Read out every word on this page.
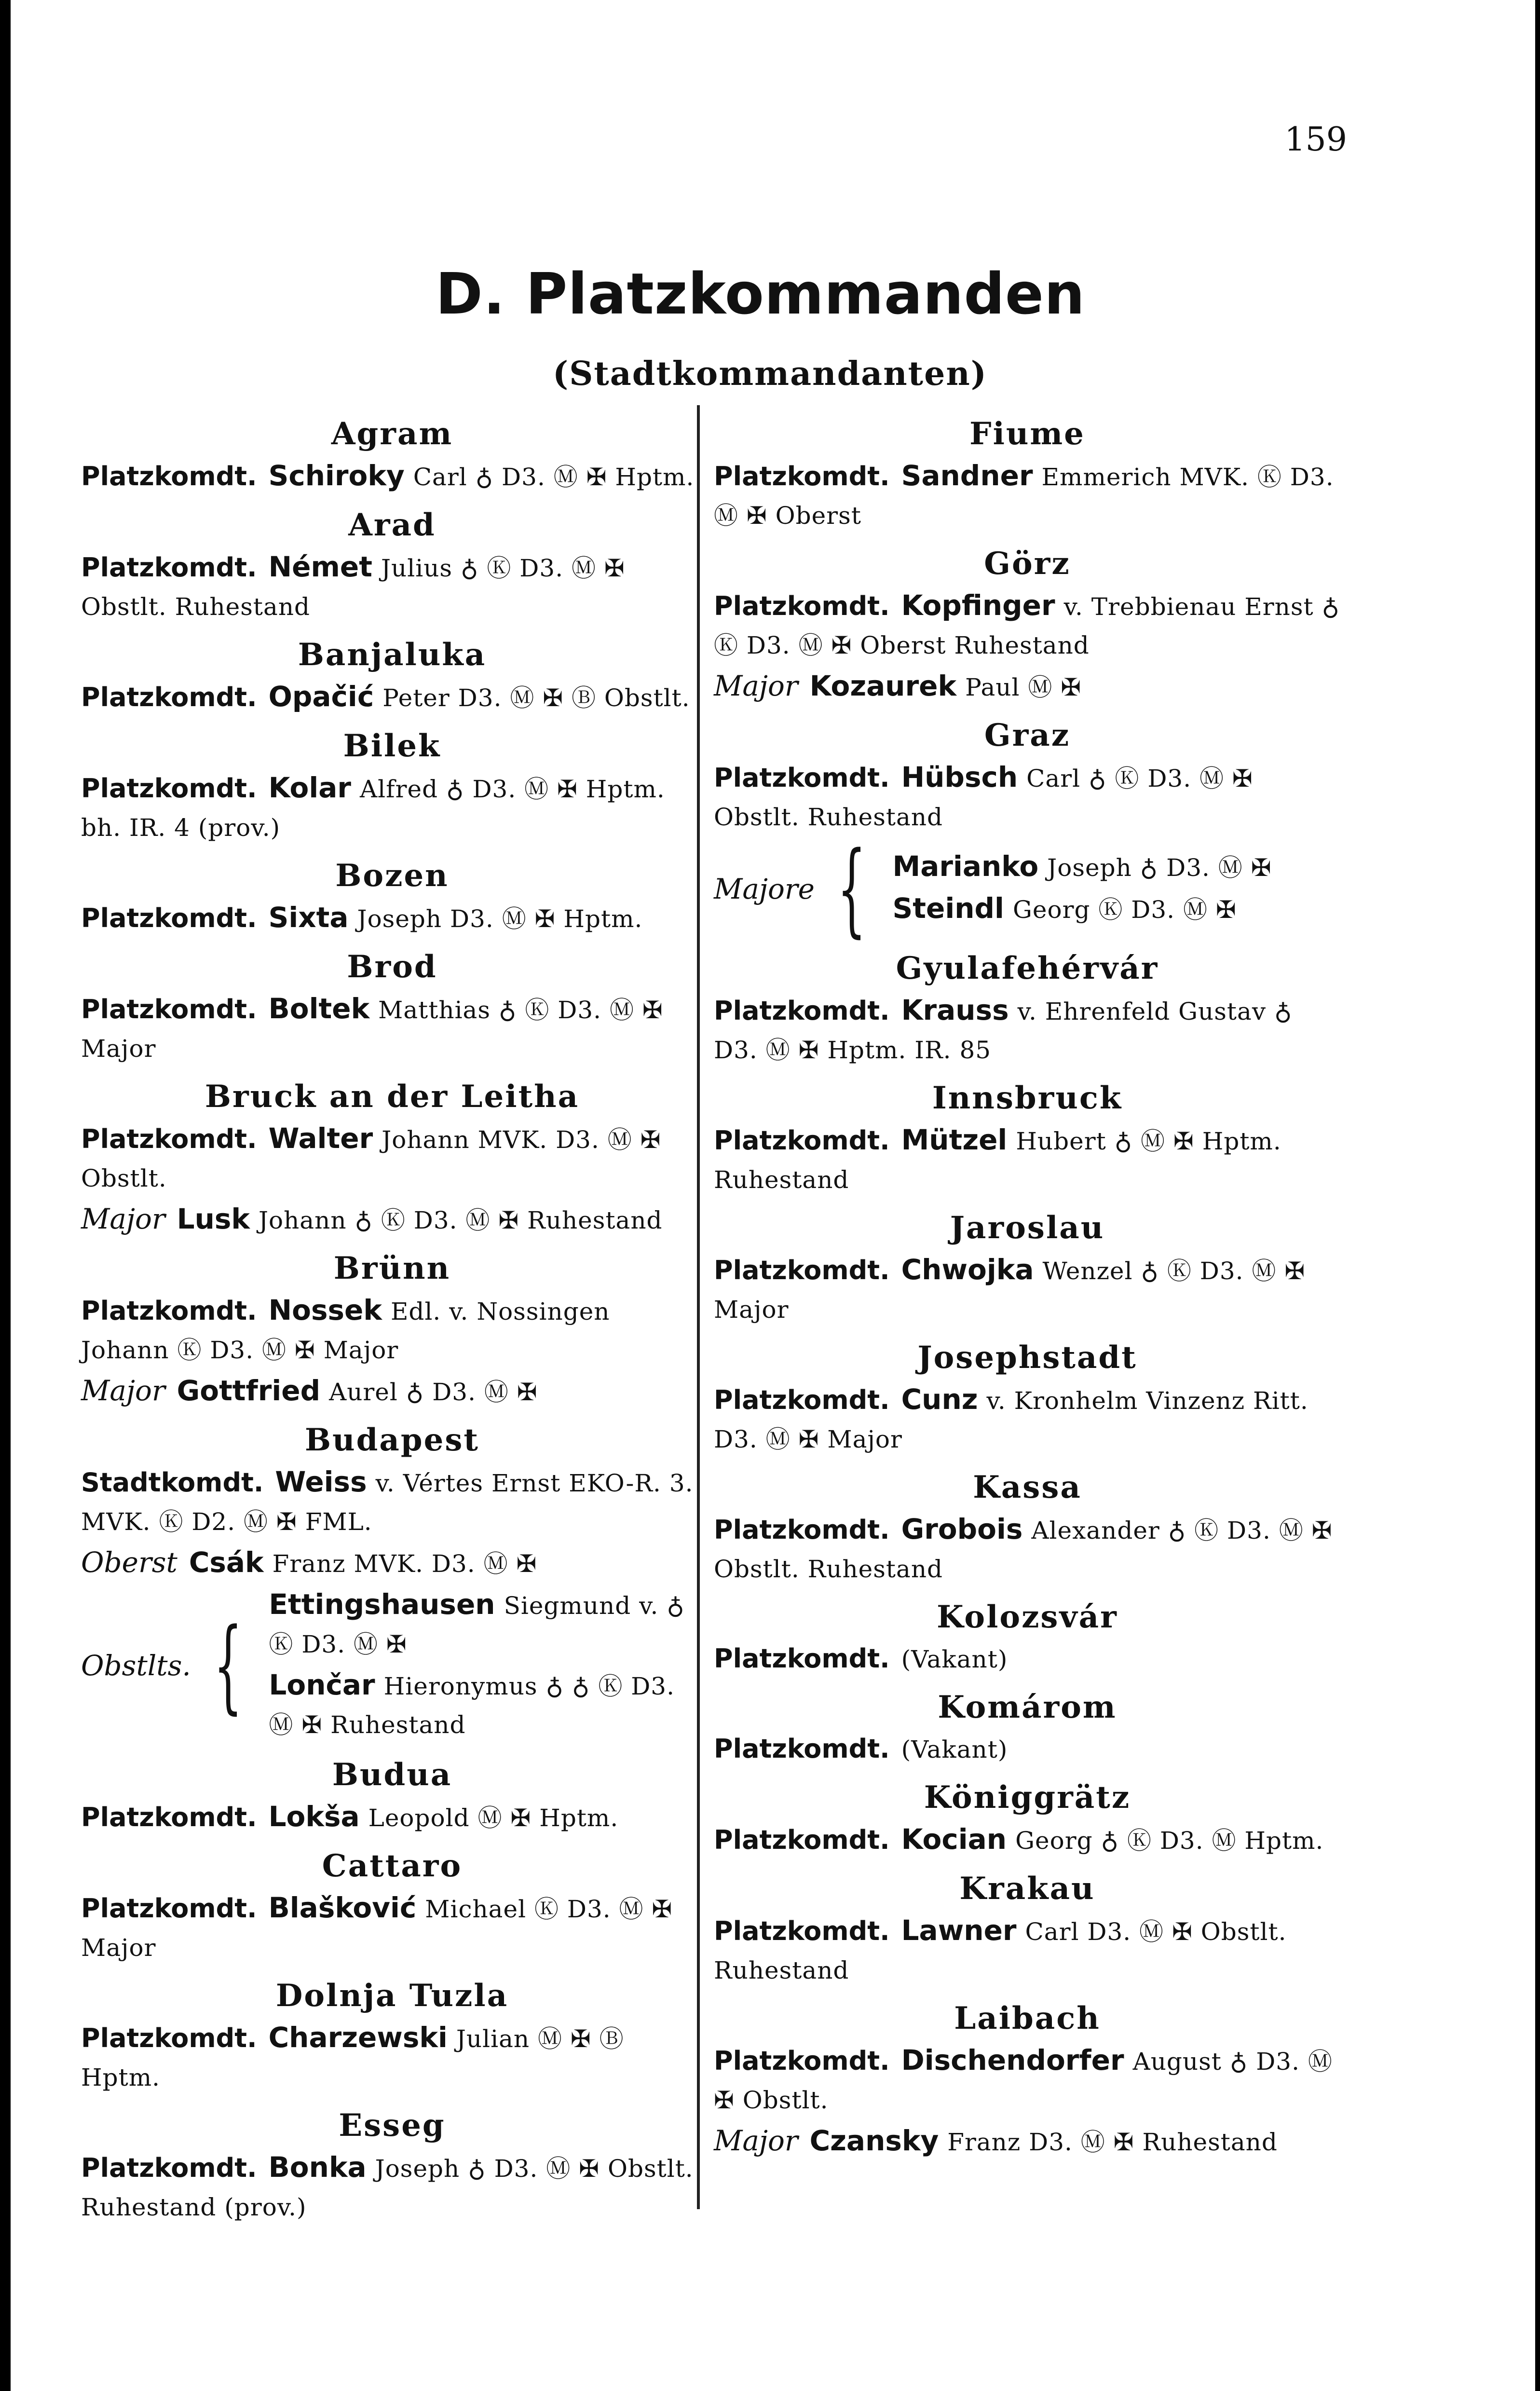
159
D. Platzkommanden
(Stadtkommandanten)
Agram
Platzkomdt. Schiroky Carl ♁ D3. Ⓜ ✠ Hptm.
Arad
Platzkomdt. Német Julius ♁ Ⓚ D3. Ⓜ ✠ Obstlt. Ruhestand
Banjaluka
Platzkomdt. Opačić Peter D3. Ⓜ ✠ Ⓑ Obstlt.
Bilek
Platzkomdt. Kolar Alfred ♁ D3. Ⓜ ✠ Hptm. bh. IR. 4 (prov.)
Bozen
Platzkomdt. Sixta Joseph D3. Ⓜ ✠ Hptm.
Brod
Platzkomdt. Boltek Matthias ♁ Ⓚ D3. Ⓜ ✠ Major
Bruck an der Leitha
Platzkomdt. Walter Johann MVK. D3. Ⓜ ✠ Obstlt.
Major Lusk Johann ♁ Ⓚ D3. Ⓜ ✠ Ruhestand
Brünn
Platzkomdt. Nossek Edl. v. Nossingen Johann Ⓚ D3. Ⓜ ✠ Major
Major Gottfried Aurel ♁ D3. Ⓜ ✠
Budapest
Stadtkomdt. Weiss v. Vértes Ernst EKO-R. 3. MVK. Ⓚ D2. Ⓜ ✠ FML.
Oberst Csák Franz MVK. D3. Ⓜ ✠
Obstlts. {
Ettingshausen Siegmund v. ♁ Ⓚ D3. Ⓜ ✠
Lončar Hieronymus ♁ ♁ Ⓚ D3. Ⓜ ✠ Ruhestand
Budua
Platzkomdt. Lokša Leopold Ⓜ ✠ Hptm.
Cattaro
Platzkomdt. Blašković Michael Ⓚ D3. Ⓜ ✠ Major
Dolnja Tuzla
Platzkomdt. Charzewski Julian Ⓜ ✠ Ⓑ Hptm.
Esseg
Platzkomdt. Bonka Joseph ♁ D3. Ⓜ ✠ Obstlt. Ruhestand (prov.)
Fiume
Platzkomdt. Sandner Emmerich MVK. Ⓚ D3. Ⓜ ✠ Oberst
Görz
Platzkomdt. Kopfinger v. Trebbienau Ernst ♁ Ⓚ D3. Ⓜ ✠ Oberst Ruhestand
Major Kozaurek Paul Ⓜ ✠
Graz
Platzkomdt. Hübsch Carl ♁ Ⓚ D3. Ⓜ ✠ Obstlt. Ruhestand
Majore { Marianko Joseph ♁ D3. Ⓜ ✠
Steindl Georg Ⓚ D3. Ⓜ ✠
Gyulafehérvár
Platzkomdt. Krauss v. Ehrenfeld Gustav ♁ D3. Ⓜ ✠ Hptm. IR. 85
Innsbruck
Platzkomdt. Mützel Hubert ♁ Ⓜ ✠ Hptm. Ruhestand
Jaroslau
Platzkomdt. Chwojka Wenzel ♁ Ⓚ D3. Ⓜ ✠ Major
Josephstadt
Platzkomdt. Cunz v. Kronhelm Vinzenz Ritt. D3. Ⓜ ✠ Major
Kassa
Platzkomdt. Grobois Alexander ♁ Ⓚ D3. Ⓜ ✠ Obstlt. Ruhestand
Kolozsvár
Platzkomdt. (Vakant)
Komárom
Platzkomdt. (Vakant)
Königgrätz
Platzkomdt. Kocian Georg ♁ Ⓚ D3. Ⓜ Hptm.
Krakau
Platzkomdt. Lawner Carl D3. Ⓜ ✠ Obstlt. Ruhestand
Laibach
Platzkomdt. Dischendorfer August ♁ D3. Ⓜ ✠ Obstlt.
Major Czansky Franz D3. Ⓜ ✠ Ruhestand
